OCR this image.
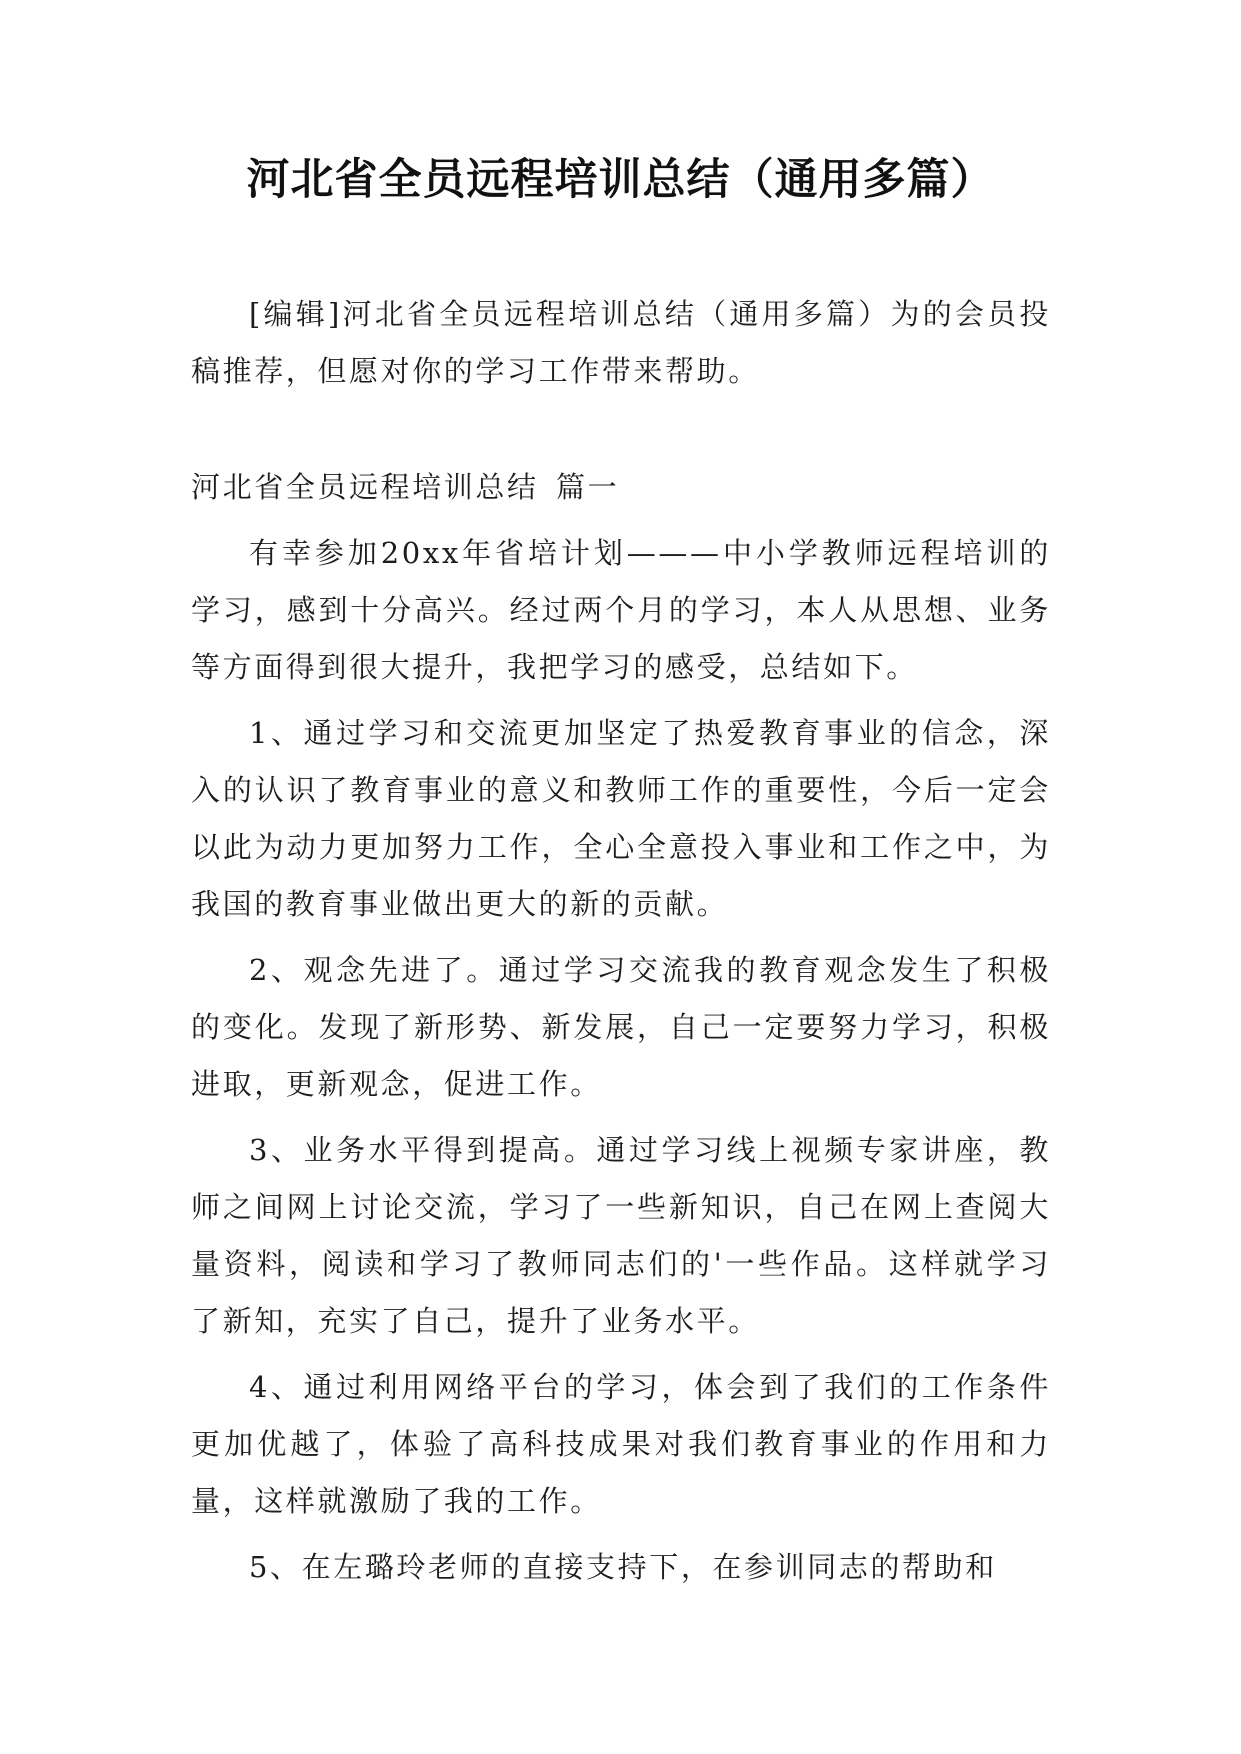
河北省全员远程培训总结（通用多篇）

[编辑]河北省全员远程培训总结（通用多篇）为的会员投稿推荐，但愿对你的学习工作带来帮助。

河北省全员远程培训总结 篇一

有幸参加20xx年省培计划———中小学教师远程培训的学习，感到十分高兴。经过两个月的学习，本人从思想、业务等方面得到很大提升，我把学习的感受，总结如下。

1、通过学习和交流更加坚定了热爱教育事业的信念，深入的认识了教育事业的意义和教师工作的重要性，今后一定会以此为动力更加努力工作，全心全意投入事业和工作之中，为我国的教育事业做出更大的新的贡献。

2、观念先进了。通过学习交流我的教育观念发生了积极的变化。发现了新形势、新发展，自己一定要努力学习，积极进取，更新观念，促进工作。

3、业务水平得到提高。通过学习线上视频专家讲座，教师之间网上讨论交流，学习了一些新知识，自己在网上查阅大量资料，阅读和学习了教师同志们的'一些作品。这样就学习了新知，充实了自己，提升了业务水平。

4、通过利用网络平台的学习，体会到了我们的工作条件更加优越了，体验了高科技成果对我们教育事业的作用和力量，这样就激励了我的工作。

5、在左璐玲老师的直接支持下，在参训同志的帮助和
